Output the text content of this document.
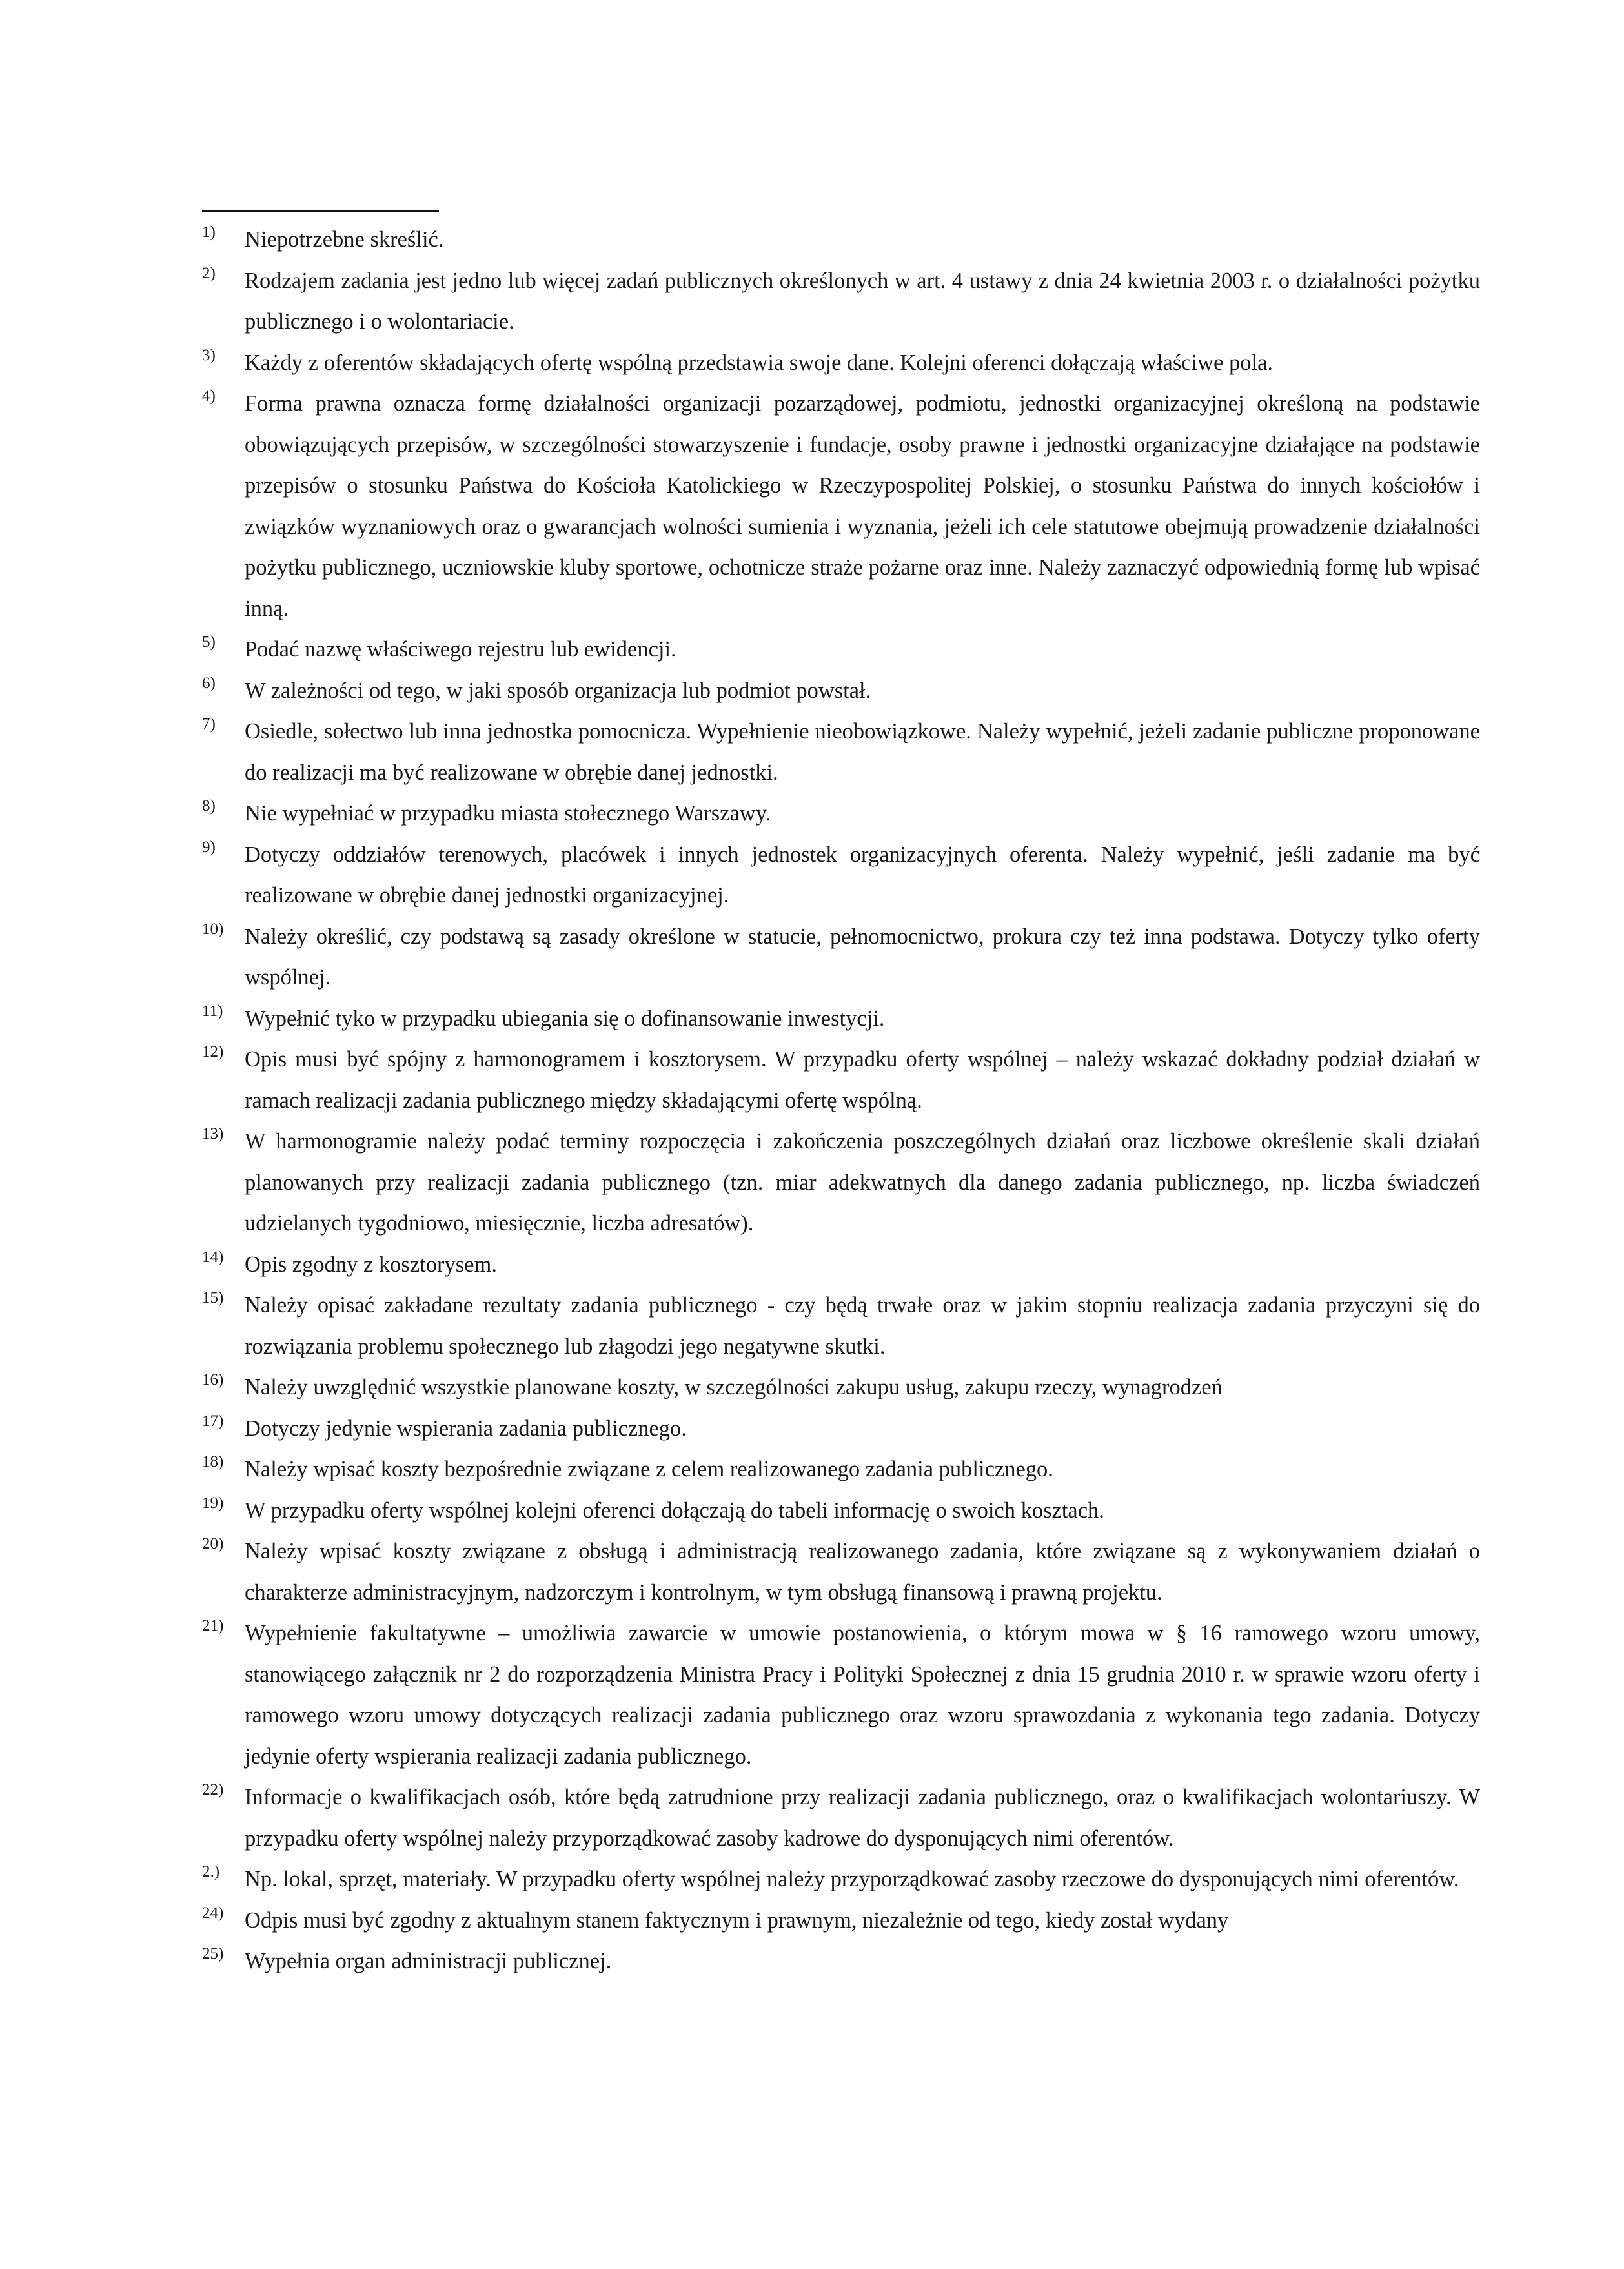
1) Niepotrzebne skreślić.
2) Rodzajem zadania jest jedno lub więcej zadań publicznych określonych w art. 4 ustawy z dnia 24 kwietnia 2003 r. o działalności pożytku publicznego i o wolontariacie.
3) Każdy z oferentów składających ofertę wspólną przedstawia swoje dane. Kolejni oferenci dołączają właściwe pola.
4) Forma prawna oznacza formę działalności organizacji pozarządowej, podmiotu, jednostki organizacyjnej określoną na podstawie obowiązujących przepisów, w szczególności stowarzyszenie i fundacje, osoby prawne i jednostki organizacyjne działające na podstawie przepisów o stosunku Państwa do Kościoła Katolickiego w Rzeczypospolitej Polskiej, o stosunku Państwa do innych kościołów i związków wyznaniowych oraz o gwarancjach wolności sumienia i wyznania, jeżeli ich cele statutowe obejmują prowadzenie działalności pożytku publicznego, uczniowskie kluby sportowe, ochotnicze straże pożarne oraz inne. Należy zaznaczyć odpowiednią formę lub wpisać inną.
5) Podać nazwę właściwego rejestru lub ewidencji.
6) W zależności od tego, w jaki sposób organizacja lub podmiot powstał.
7) Osiedle, sołectwo lub inna jednostka pomocnicza. Wypełnienie nieobowiązkowe. Należy wypełnić, jeżeli zadanie publiczne proponowane do realizacji ma być realizowane w obrębie danej jednostki.
8) Nie wypełniać w przypadku miasta stołecznego Warszawy.
9) Dotyczy oddziałów terenowych, placówek i innych jednostek organizacyjnych oferenta. Należy wypełnić, jeśli zadanie ma być realizowane w obrębie danej jednostki organizacyjnej.
10) Należy określić, czy podstawą są zasady określone w statucie, pełnomocnictwo, prokura czy też inna podstawa. Dotyczy tylko oferty wspólnej.
11) Wypełnić tyko w przypadku ubiegania się o dofinansowanie inwestycji.
12) Opis musi być spójny z harmonogramem i kosztorysem. W przypadku oferty wspólnej – należy wskazać dokładny podział działań w ramach realizacji zadania publicznego między składającymi ofertę wspólną.
13) W harmonogramie należy podać terminy rozpoczęcia i zakończenia poszczególnych działań oraz liczbowe określenie skali działań planowanych przy realizacji zadania publicznego (tzn. miar adekwatnych dla danego zadania publicznego, np. liczba świadczeń udzielanych tygodniowo, miesięcznie, liczba adresatów).
14) Opis zgodny z kosztorysem.
15) Należy opisać zakładane rezultaty zadania publicznego - czy będą trwałe oraz w jakim stopniu realizacja zadania przyczyni się do rozwiązania problemu społecznego lub złagodzi jego negatywne skutki.
16) Należy uwzględnić wszystkie planowane koszty, w szczególności zakupu usług, zakupu rzeczy, wynagrodzeń
17) Dotyczy jedynie wspierania zadania publicznego.
18) Należy wpisać koszty bezpośrednie związane z celem realizowanego zadania publicznego.
19) W przypadku oferty wspólnej kolejni oferenci dołączają do tabeli informację o swoich kosztach.
20) Należy wpisać koszty związane z obsługą i administracją realizowanego zadania, które związane są z wykonywaniem działań o charakterze administracyjnym, nadzorczym i kontrolnym, w tym obsługą finansową i prawną projektu.
21) Wypełnienie fakultatywne – umożliwia zawarcie w umowie postanowienia, o którym mowa w § 16 ramowego wzoru umowy, stanowiącego załącznik nr 2 do rozporządzenia Ministra Pracy i Polityki Społecznej z dnia 15 grudnia 2010 r. w sprawie wzoru oferty i ramowego wzoru umowy dotyczących realizacji zadania publicznego oraz wzoru sprawozdania z wykonania tego zadania. Dotyczy jedynie oferty wspierania realizacji zadania publicznego.
22) Informacje o kwalifikacjach osób, które będą zatrudnione przy realizacji zadania publicznego, oraz o kwalifikacjach wolontariuszy. W przypadku oferty wspólnej należy przyporządkować zasoby kadrowe do dysponujących nimi oferentów.
2.) Np. lokal, sprzęt, materiały. W przypadku oferty wspólnej należy przyporządkować zasoby rzeczowe do dysponujących nimi oferentów.
24) Odpis musi być zgodny z aktualnym stanem faktycznym i prawnym, niezależnie od tego, kiedy został wydany
25) Wypełnia organ administracji publicznej.
